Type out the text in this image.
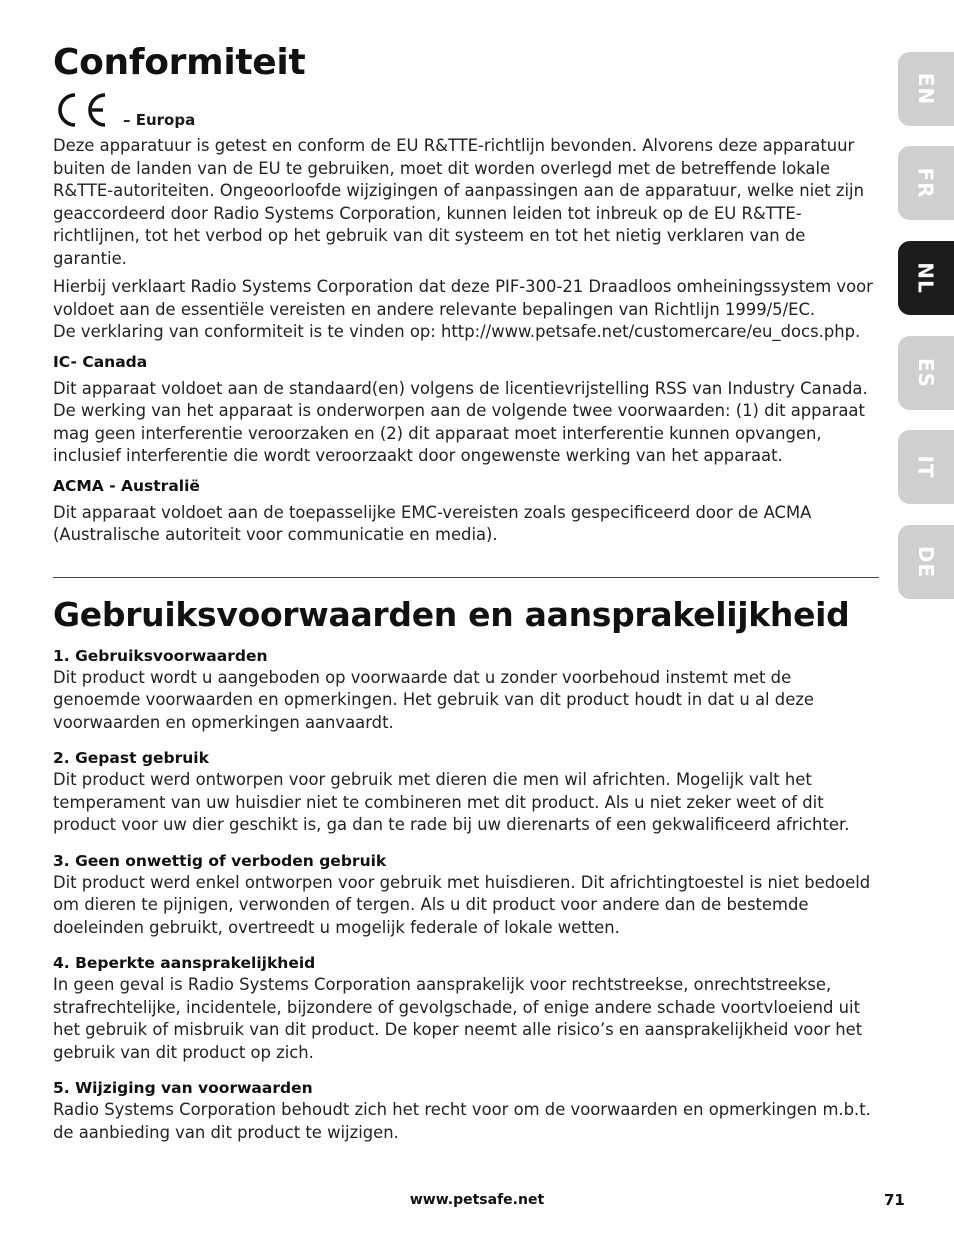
Conformiteit
– Europa

Deze apparatuur is getest en conform de EU R&TTE-richtlijn bevonden. Alvorens deze apparatuur buiten de landen van de EU te gebruiken, moet dit worden overlegd met de betreffende lokale R&TTE-autoriteiten. Ongeoorloofde wijzigingen of aanpassingen aan de apparatuur, welke niet zijn geaccordeerd door Radio Systems Corporation, kunnen leiden tot inbreuk op de EU R&TTE-richtlijnen, tot het verbod op het gebruik van dit systeem en tot het nietig verklaren van de garantie.

Hierbij verklaart Radio Systems Corporation dat deze PIF-300-21 Draadloos omheiningssystem voor voldoet aan de essentiële vereisten en andere relevante bepalingen van Richtlijn 1999/5/EC.

De verklaring van conformiteit is te vinden op: http://www.petsafe.net/customercare/eu_docs.php.

IC- Canada

Dit apparaat voldoet aan de standaard(en) volgens de licentievrijstelling RSS van Industry Canada. De werking van het apparaat is onderworpen aan de volgende twee voorwaarden: (1) dit apparaat mag geen interferentie veroorzaken en (2) dit apparaat moet interferentie kunnen opvangen, inclusief interferentie die wordt veroorzaakt door ongewenste werking van het apparaat.

ACMA - Australië

Dit apparaat voldoet aan de toepasselijke EMC-vereisten zoals gespecificeerd door de ACMA (Australische autoriteit voor communicatie en media).

Gebruiksvoorwaarden en aansprakelijkheid
1. Gebruiksvoorwaarden

Dit product wordt u aangeboden op voorwaarde dat u zonder voorbehoud instemt met de genoemde voorwaarden en opmerkingen. Het gebruik van dit product houdt in dat u al deze voorwaarden en opmerkingen aanvaardt.

2. Gepast gebruik

Dit product werd ontworpen voor gebruik met dieren die men wil africhten. Mogelijk valt het temperament van uw huisdier niet te combineren met dit product. Als u niet zeker weet of dit product voor uw dier geschikt is, ga dan te rade bij uw dierenarts of een gekwalificeerd africhter.

3. Geen onwettig of verboden gebruik

Dit product werd enkel ontworpen voor gebruik met huisdieren. Dit africhtingtoestel is niet bedoeld om dieren te pijnigen, verwonden of tergen. Als u dit product voor andere dan de bestemde doeleinden gebruikt, overtreedt u mogelijk federale of lokale wetten.

4. Beperkte aansprakelijkheid

In geen geval is Radio Systems Corporation aansprakelijk voor rechtstreekse, onrechtstreekse, strafrechtelijke, incidentele, bijzondere of gevolgschade, of enige andere schade voortvloeiend uit het gebruik of misbruik van dit product. De koper neemt alle risico’s en aansprakelijkheid voor het gebruik van dit product op zich.

5. Wijziging van voorwaarden

Radio Systems Corporation behoudt zich het recht voor om de voorwaarden en opmerkingen m.b.t. de aanbieding van dit product te wijzigen.

EN
FR
NL
ES
IT
DE
www.petsafe.net	71
